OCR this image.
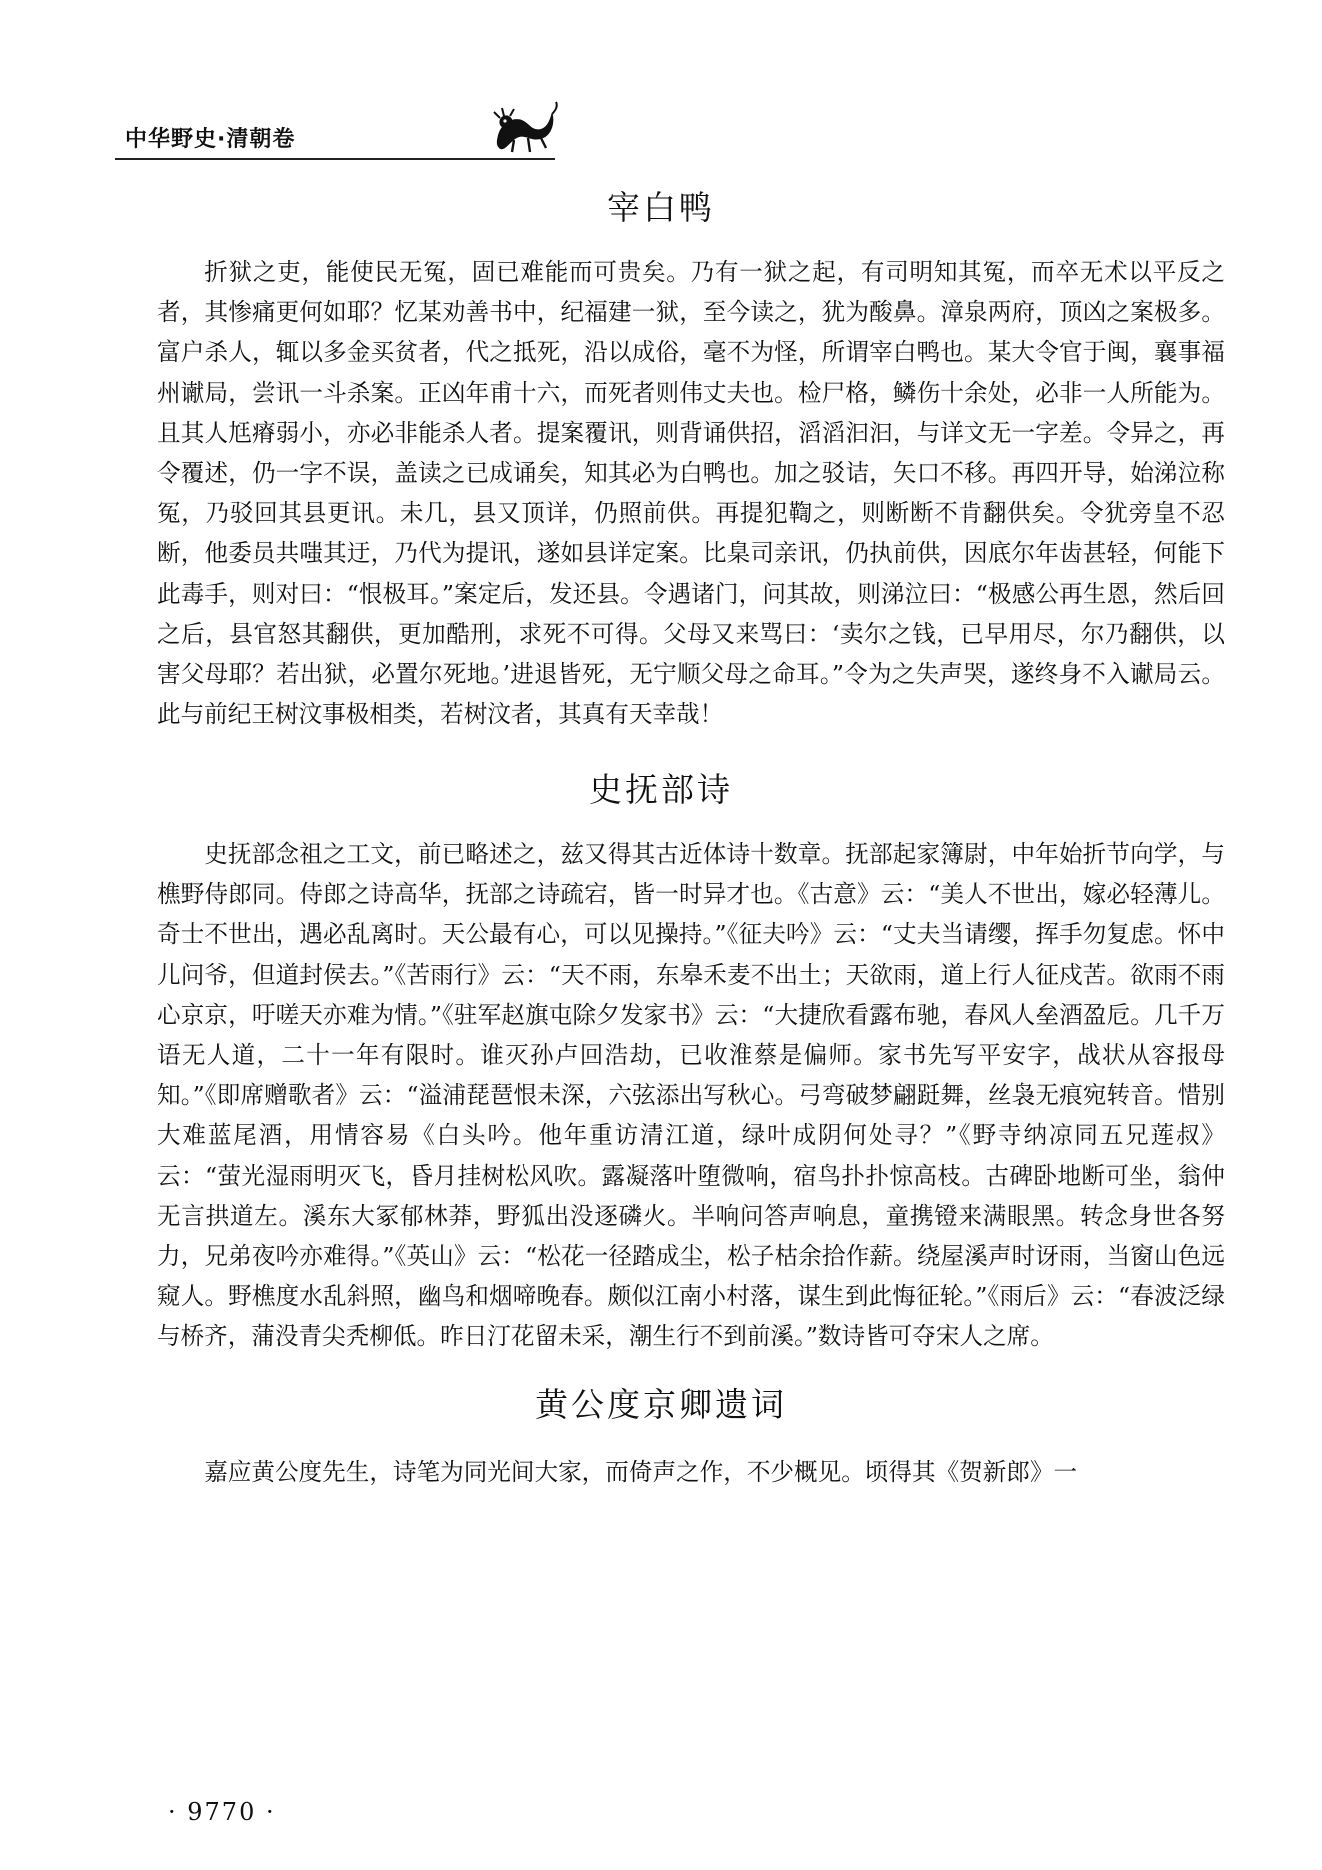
中华野史·清朝卷
宰白鸭

折狱之吏，能使民无冤，固已难能而可贵矣。乃有一狱之起，有司明知其冤，而卒无术以平反之者，其惨痛更何如耶？忆某劝善书中，纪福建一狱，至今读之，犹为酸鼻。漳泉两府，顶凶之案极多。富户杀人，辄以多金买贫者，代之抵死，沿以成俗，毫不为怪，所谓宰白鸭也。某大令官于闽，襄事福州谳局，尝讯一斗杀案。正凶年甫十六，而死者则伟丈夫也。检尸格，鳞伤十余处，必非一人所能为。且其人尪瘠弱小，亦必非能杀人者。提案覆讯，则背诵供招，滔滔汩汩，与详文无一字差。令异之，再令覆述，仍一字不误，盖读之已成诵矣，知其必为白鸭也。加之驳诘，矢口不移。再四开导，始涕泣称冤，乃驳回其县更讯。未几，县又顶详，仍照前供。再提犯鞫之，则断断不肯翻供矣。令犹旁皇不忍断，他委员共嗤其迂，乃代为提讯，遂如县详定案。比臬司亲讯，仍执前供，因底尔年齿甚轻，何能下此毒手，则对曰：“恨极耳。”案定后，发还县。令遇诸门，问其故，则涕泣曰：“极感公再生恩，然后回之后，县官怒其翻供，更加酷刑，求死不可得。父母又来骂曰：‘卖尔之钱，已早用尽，尔乃翻供，以害父母耶？若出狱，必置尔死地。’进退皆死，无宁顺父母之命耳。”令为之失声哭，遂终身不入谳局云。此与前纪王树汶事极相类，若树汶者，其真有天幸哉！

史抚部诗

史抚部念祖之工文，前已略述之，兹又得其古近体诗十数章。抚部起家簿尉，中年始折节向学，与樵野侍郎同。侍郎之诗高华，抚部之诗疏宕，皆一时异才也。《古意》云：“美人不世出，嫁必轻薄儿。奇士不世出，遇必乱离时。天公最有心，可以见操持。”《征夫吟》云：“丈夫当请缨，挥手勿复虑。怀中儿问爷，但道封侯去。”《苦雨行》云：“天不雨，东皋禾麦不出土；天欲雨，道上行人征戍苦。欲雨不雨心京京，吁嗟天亦难为情。”《驻军赵旗屯除夕发家书》云：“大捷欣看露布驰，春风人垒酒盈卮。几千万语无人道，二十一年有限时。谁灭孙卢回浩劫，已收淮蔡是偏师。家书先写平安字，战状从容报母知。”《即席赠歌者》云：“溢浦琵琶恨未深，六弦添出写秋心。弓弯破梦翩跹舞，丝袅无痕宛转音。惜别大难蓝尾酒，用情容易《白头吟。他年重访清江道，绿叶成阴何处寻？”《野寺纳凉同五兄莲叔》云：“萤光湿雨明灭飞，昏月挂树松风吹。露凝落叶堕微响，宿鸟扑扑惊高枝。古碑卧地断可坐，翁仲无言拱道左。溪东大冢郁林莽，野狐出没逐磷火。半响问答声响息，童携镫来满眼黑。转念身世各努力，兄弟夜吟亦难得。”《英山》云：“松花一径踏成尘，松子枯余拾作薪。绕屋溪声时讶雨，当窗山色远窥人。野樵度水乱斜照，幽鸟和烟啼晚春。颇似江南小村落，谋生到此悔征轮。”《雨后》云：“春波泛绿与桥齐，蒲没青尖秃柳低。昨日汀花留未采，潮生行不到前溪。”数诗皆可夺宋人之席。

黄公度京卿遗词

嘉应黄公度先生，诗笔为同光间大家，而倚声之作，不少概见。顷得其《贺新郎》一

· 9770 ·
